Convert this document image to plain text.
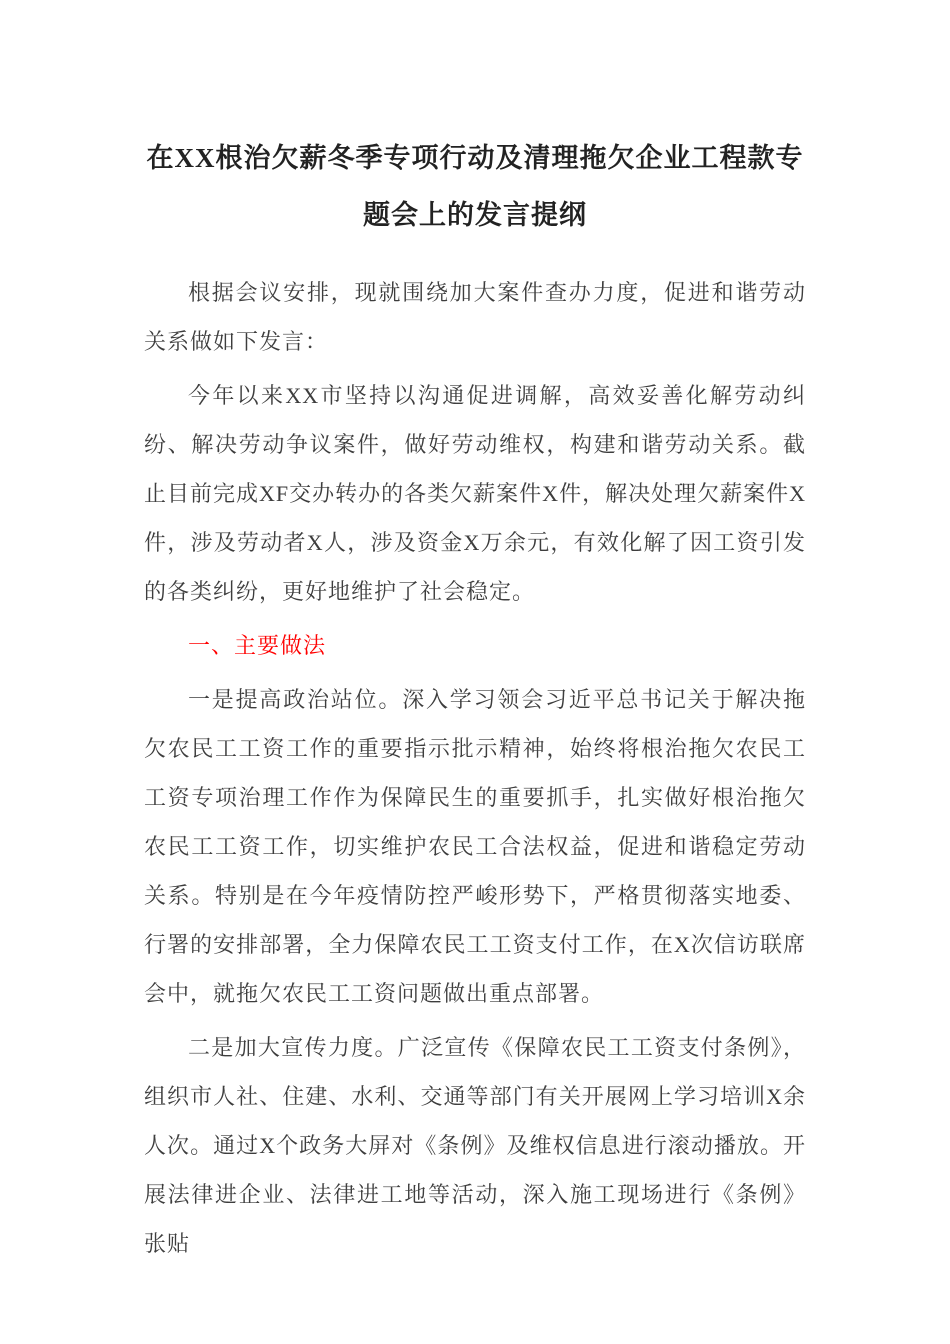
在XX根治欠薪冬季专项行动及清理拖欠企业工程款专题会上的发言提纲

根据会议安排，现就围绕加大案件查办力度，促进和谐劳动关系做如下发言：

今年以来XX市坚持以沟通促进调解，高效妥善化解劳动纠纷、解决劳动争议案件，做好劳动维权，构建和谐劳动关系。截止目前完成XF交办转办的各类欠薪案件X件，解决处理欠薪案件X件，涉及劳动者X人，涉及资金X万余元，有效化解了因工资引发的各类纠纷，更好地维护了社会稳定。

一、主要做法

一是提高政治站位。深入学习领会习近平总书记关于解决拖欠农民工工资工作的重要指示批示精神，始终将根治拖欠农民工工资专项治理工作作为保障民生的重要抓手，扎实做好根治拖欠农民工工资工作，切实维护农民工合法权益，促进和谐稳定劳动关系。特别是在今年疫情防控严峻形势下，严格贯彻落实地委、行署的安排部署，全力保障农民工工资支付工作，在X次信访联席会中，就拖欠农民工工资问题做出重点部署。

二是加大宣传力度。广泛宣传《保障农民工工资支付条例》，组织市人社、住建、水利、交通等部门有关开展网上学习培训X余人次。通过X个政务大屏对《条例》及维权信息进行滚动播放。开展法律进企业、法律进工地等活动，深入施工现场进行《条例》张贴
